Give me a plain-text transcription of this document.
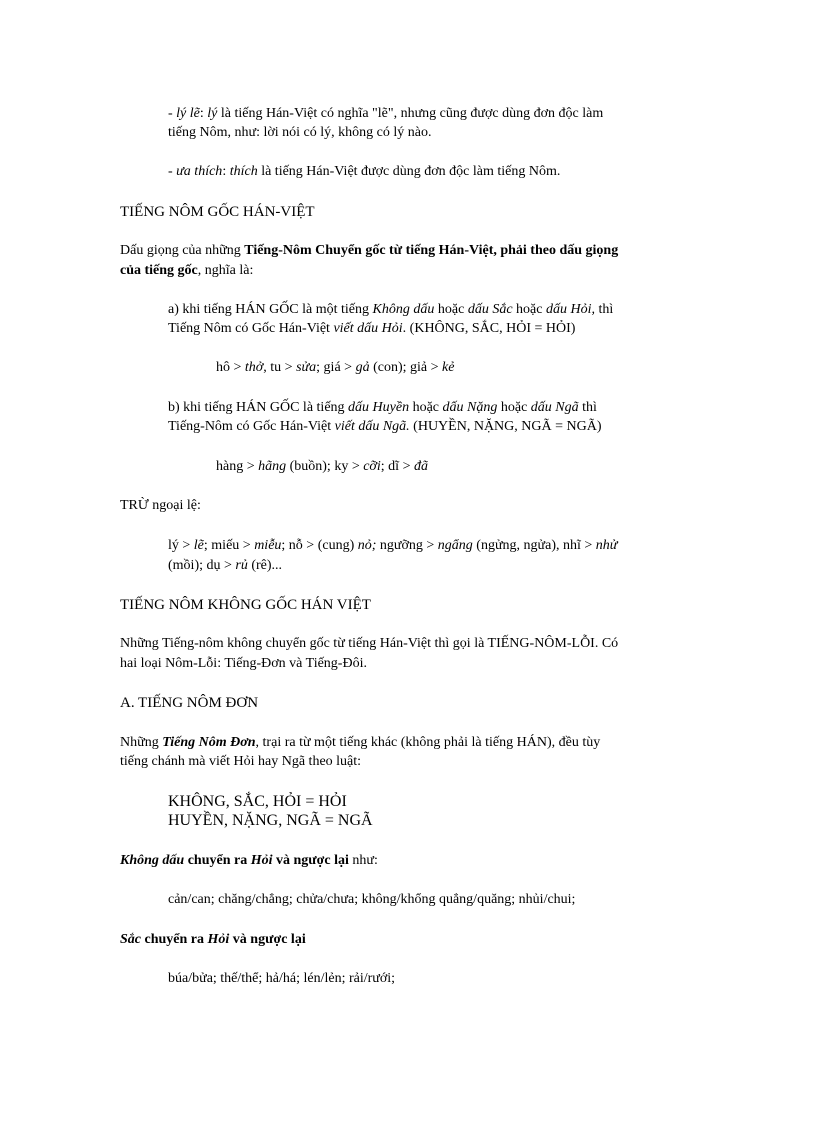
- lý lẽ: lý là tiếng Hán-Việt có nghĩa "lẽ", nhưng cũng được dùng đơn độc làm
tiếng Nôm, như: lời nói có lý, không có lý nào.
- ưa thích: thích là tiếng Hán-Việt được dùng đơn độc làm tiếng Nôm.
TIẾNG NÔM GỐC HÁN-VIỆT
Dấu giọng của những Tiếng-Nôm Chuyển gốc từ tiếng Hán-Việt, phải theo dấu giọng
của tiếng gốc, nghĩa là:
a) khi tiếng HÁN GỐC là một tiếng Không dấu hoặc dấu Sắc hoặc dấu Hỏi, thì
Tiếng Nôm có Gốc Hán-Việt viết dấu Hỏi. (KHÔNG, SẮC, HỎI = HỎI)
hô > thở, tu > sửa; giá > gả (con); giả > kẻ
b) khi tiếng HÁN GỐC là tiếng dấu Huyền hoặc dấu Nặng hoặc dấu Ngã thì
Tiếng-Nôm có Gốc Hán-Việt viết dấu Ngã. (HUYỀN, NẶNG, NGÃ = NGÃ)
hàng > hãng (buồn); ky > cỡi; dĩ > đã
TRỪ ngoại lệ:
lý > lẽ; miếu > miễu; nỗ > (cung) nỏ; ngưỡng > ngẩng (ngửng, ngửa), nhĩ > nhử
(mồi); dụ > rủ (rê)...
TIẾNG NÔM KHÔNG GỐC HÁN VIỆT
Những Tiếng-nôm không chuyển gốc từ tiếng Hán-Việt thì gọi là TIẾNG-NÔM-LỖI. Có
hai loại Nôm-Lỗi: Tiếng-Đơn và Tiếng-Đôi.
A. TIẾNG NÔM ĐƠN
Những Tiếng Nôm Đơn, trại ra từ một tiếng khác (không phải là tiếng HÁN), đều tùy
tiếng chánh mà viết Hỏi hay Ngã theo luật:
KHÔNG, SẮC, HỎI = HỎI
HUYỀN, NẶNG, NGÃ = NGÃ
Không dấu chuyển ra Hỏi và ngược lại như:
cản/can; chăng/chẳng; chửa/chưa; không/khổng quẳng/quăng; nhủi/chui;
Sắc chuyển ra Hỏi và ngược lại
búa/bửa; thế/thể; hả/há; lén/lẻn; rải/rưới;
